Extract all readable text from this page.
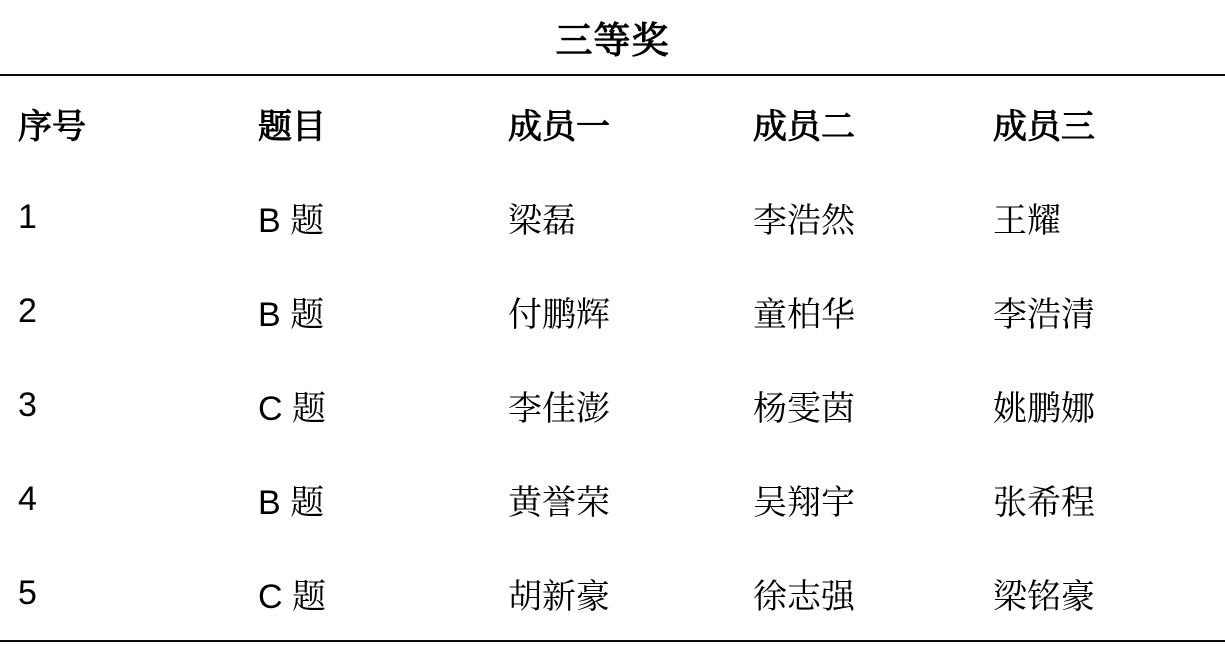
三等奖
序号	题目	成员一	成员二	成员三
1	B 题	梁磊	李浩然	王耀
2	B 题	付鹏辉	童柏华	李浩清
3	C 题	李佳澎	杨雯茵	姚鹏娜
4	B 题	黄誉荣	吴翔宇	张希程
5	C 题	胡新豪	徐志强	梁铭豪
